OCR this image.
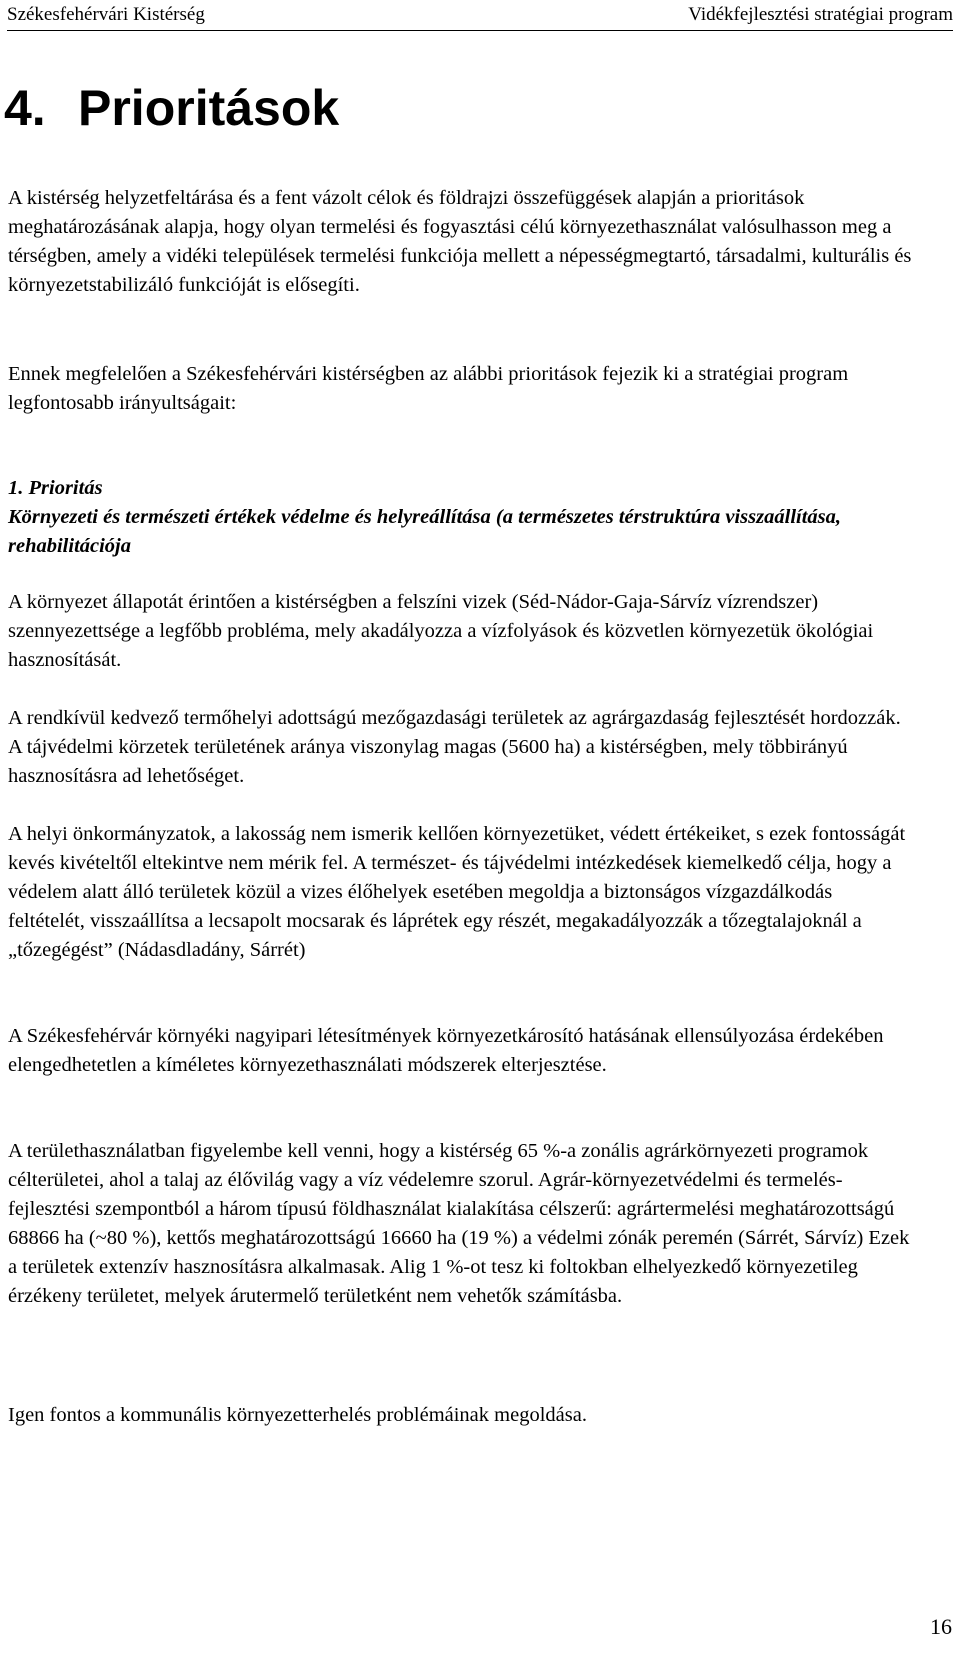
Székesfehérvári Kistérség	Vidékfejlesztési stratégiai program
4. Prioritások

A kistérség helyzetfeltárása és a fent vázolt célok és földrajzi összefüggések alapján a prioritások meghatározásának alapja, hogy olyan termelési és fogyasztási célú környezethasználat valósulhasson meg a térségben, amely a vidéki települések termelési funkciója mellett a népességmegtartó, társadalmi, kulturális és környezetstabilizáló funkcióját is elősegíti.

Ennek megfelelően a Székesfehérvári kistérségben az alábbi prioritások fejezik ki a stratégiai program legfontosabb irányultságait:

1. Prioritás
Környezeti és természeti értékek védelme és helyreállítása (a természetes térstruktúra visszaállítása, rehabilitációja

A környezet állapotát érintően a kistérségben a felszíni vizek (Séd-Nádor-Gaja-Sárvíz vízrendszer) szennyezettsége a legfőbb probléma, mely akadályozza a vízfolyások és közvetlen környezetük ökológiai hasznosítását.

A rendkívül kedvező termőhelyi adottságú mezőgazdasági területek az agrárgazdaság fejlesztését hordozzák. A tájvédelmi körzetek területének aránya viszonylag magas (5600 ha) a kistérségben, mely többirányú hasznosításra ad lehetőséget.

A helyi önkormányzatok, a lakosság nem ismerik kellően környezetüket, védett értékeiket, s ezek fontosságát kevés kivételtől eltekintve nem mérik fel. A természet- és tájvédelmi intézkedések kiemelkedő célja, hogy a védelem alatt álló területek közül a vizes élőhelyek esetében megoldja a biztonságos vízgazdálkodás feltételét, visszaállítsa a lecsapolt mocsarak és láprétek egy részét, megakadályozzák a tőzegtalajoknál a „tőzegégést” (Nádasdladány, Sárrét)

A Székesfehérvár környéki nagyipari létesítmények környezetkárosító hatásának ellensúlyozása érdekében elengedhetetlen a kíméletes környezethasználati módszerek elterjesztése.

A területhasználatban figyelembe kell venni, hogy a kistérség 65 %-a zonális agrárkörnyezeti programok célterületei, ahol a talaj az élővilág vagy a víz védelemre szorul. Agrár-környezetvédelmi és termelés-fejlesztési szempontból a három típusú földhasználat kialakítása célszerű: agrártermelési meghatározottságú 68866 ha (~80 %), kettős meghatározottságú 16660 ha (19 %) a védelmi zónák peremén (Sárrét, Sárvíz) Ezek a területek extenzív hasznosításra alkalmasak. Alig 1 %-ot tesz ki foltokban elhelyezkedő környezetileg érzékeny területet, melyek árutermelő területként nem vehetők számításba.

Igen fontos a kommunális környezetterhelés problémáinak megoldása.

16
